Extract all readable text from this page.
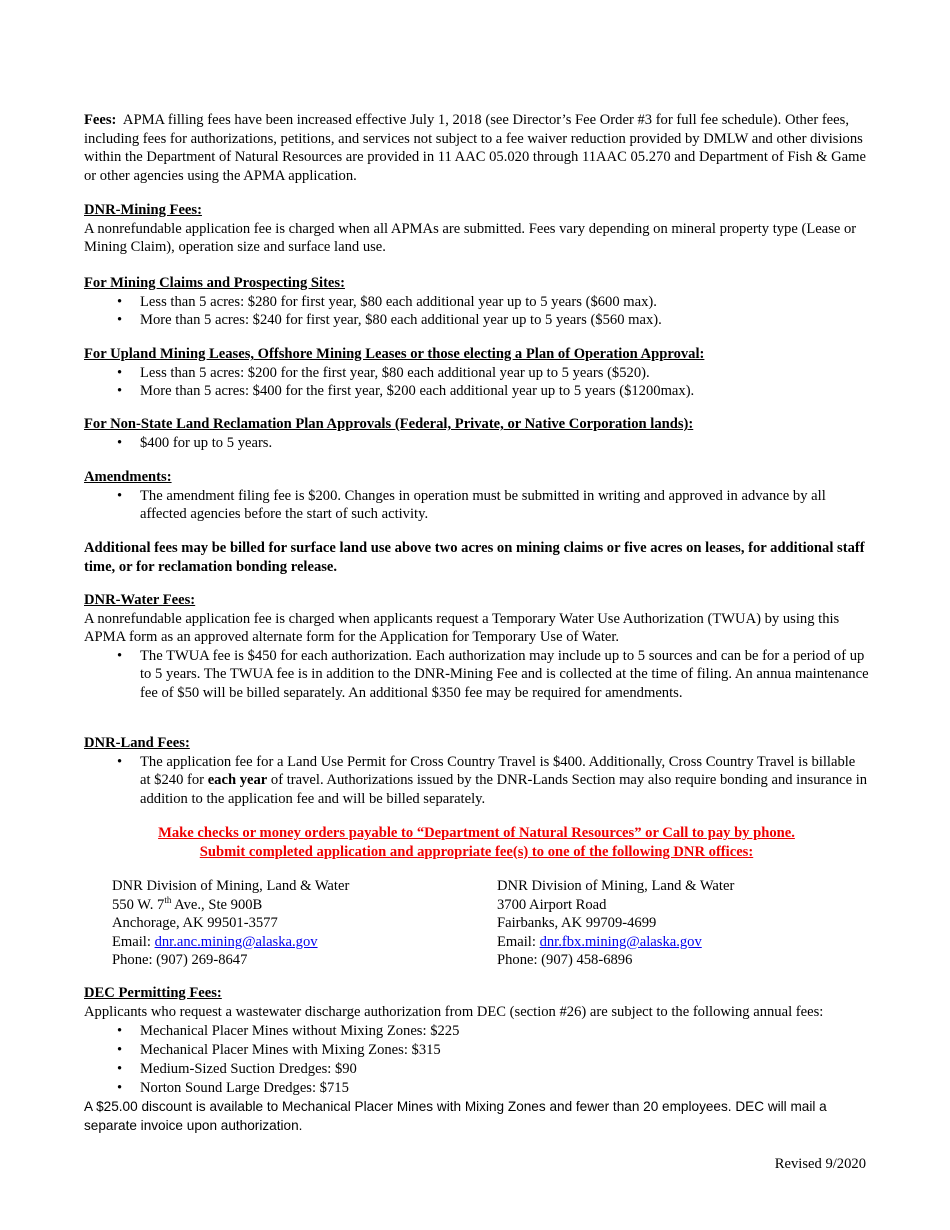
Fees: APMA filling fees have been increased effective July 1, 2018 (see Director’s Fee Order #3 for full fee schedule). Other fees, including fees for authorizations, petitions, and services not subject to a fee waiver reduction provided by DMLW and other divisions within the Department of Natural Resources are provided in 11 AAC 05.020 through 11AAC 05.270 and Department of Fish & Game or other agencies using the APMA application.
DNR-Mining Fees:
A nonrefundable application fee is charged when all APMAs are submitted. Fees vary depending on mineral property type (Lease or Mining Claim), operation size and surface land use.
For Mining Claims and Prospecting Sites:
• Less than 5 acres: $280 for first year, $80 each additional year up to 5 years ($600 max).
• More than 5 acres: $240 for first year, $80 each additional year up to 5 years ($560 max).
For Upland Mining Leases, Offshore Mining Leases or those electing a Plan of Operation Approval:
• Less than 5 acres: $200 for the first year, $80 each additional year up to 5 years ($520).
• More than 5 acres: $400 for the first year, $200 each additional year up to 5 years ($1200max).
For Non-State Land Reclamation Plan Approvals (Federal, Private, or Native Corporation lands):
• $400 for up to 5 years.
Amendments:
• The amendment filing fee is $200. Changes in operation must be submitted in writing and approved in advance by all affected agencies before the start of such activity.
Additional fees may be billed for surface land use above two acres on mining claims or five acres on leases, for additional staff time, or for reclamation bonding release.
DNR-Water Fees:
A nonrefundable application fee is charged when applicants request a Temporary Water Use Authorization (TWUA) by using this APMA form as an approved alternate form for the Application for Temporary Use of Water.
• The TWUA fee is $450 for each authorization. Each authorization may include up to 5 sources and can be for a period of up to 5 years. The TWUA fee is in addition to the DNR-Mining Fee and is collected at the time of filing. An annua maintenance fee of $50 will be billed separately. An additional $350 fee may be required for amendments.
DNR-Land Fees:
• The application fee for a Land Use Permit for Cross Country Travel is $400. Additionally, Cross Country Travel is billable at $240 for each year of travel. Authorizations issued by the DNR-Lands Section may also require bonding and insurance in addition to the application fee and will be billed separately.
Make checks or money orders payable to “Department of Natural Resources” or Call to pay by phone.
Submit completed application and appropriate fee(s) to one of the following DNR offices:
DNR Division of Mining, Land & Water
550 W. 7th Ave., Ste 900B
Anchorage, AK 99501-3577
Email: dnr.anc.mining@alaska.gov
Phone: (907) 269-8647
DNR Division of Mining, Land & Water
3700 Airport Road
Fairbanks, AK 99709-4699
Email: dnr.fbx.mining@alaska.gov
Phone: (907) 458-6896
DEC Permitting Fees:
Applicants who request a wastewater discharge authorization from DEC (section #26) are subject to the following annual fees:
• Mechanical Placer Mines without Mixing Zones: $225
• Mechanical Placer Mines with Mixing Zones: $315
• Medium-Sized Suction Dredges: $90
• Norton Sound Large Dredges: $715
A $25.00 discount is available to Mechanical Placer Mines with Mixing Zones and fewer than 20 employees. DEC will mail a separate invoice upon authorization.
Revised 9/2020
